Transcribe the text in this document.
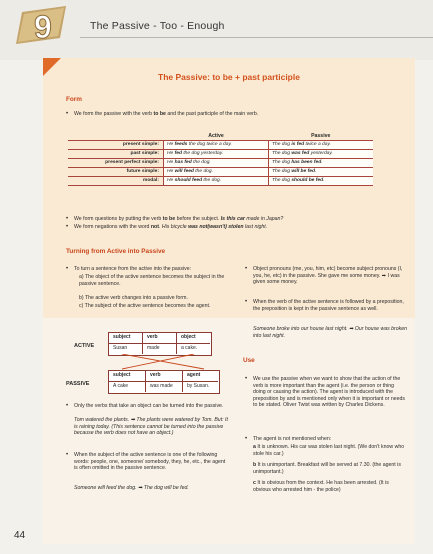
9	The Passive - Too - Enough
The Passive: to be + past participle
Form
• We form the passive with the verb to be and the past participle of the main verb.
	Active	Passive
present simple:	He feeds the dog twice a day.	The dog is fed twice a day.
past simple:	He fed the dog yesterday.	The dog was fed yesterday.
present perfect simple:	He has fed the dog.	The dog has been fed.
future simple:	He will feed the dog.	The dog will be fed.
modal:	He should feed the dog.	The dog should be fed.
• We form questions by putting the verb to be before the subject. Is this car made in Japan?
• We form negations with the word not. His bicycle was not(wasn't) stolen last night.
Turning from Active into Passive
• To turn a sentence from the active into the passive:
a) The object of the active sentence becomes the subject in the passive sentence.
b) The active verb changes into a passive form.
c) The subject of the active sentence becomes the agent.
ACTIVE
subject	verb	object
Susan	made	a cake.
PASSIVE
subject	verb	agent
A cake	was made	by Susan.
• Only the verbs that take an object can be turned into the passive.
Tom watered the plants. ➡ The plants were watered by Tom. But: It is raining today. (This sentence cannot be turned into the passive because the verb does not have an object.)
• When the subject of the active sentence is one of the following words: people, one, someone/ somebody, they, he, etc., the agent is often omitted in the passive sentence.
Someone will feed the dog. ➡ The dog will be fed.
• Object pronouns (me, you, him, etc) become subject pronouns (I, you, he, etc) in the passive. She gave me some money. ➡ I was given some money.
• When the verb of the active sentence is followed by a preposition, the preposition is kept in the passive sentence as well.
Someone broke into our house last night. ➡ Our house was broken into last night.
Use
• We use the passive when we want to show that the action of the verb is more important than the agent (i.e. the person or thing doing or causing the action). The agent is introduced with the preposition by and is mentioned only when it is important or needs to be stated. Oliver Twist was written by Charles Dickens.
• The agent is not mentioned when:
a It is unknown. His car was stolen last night. (We don't know who stole his car.)
b It is unimportant. Breakfast will be served at 7.30. (the agent is unimportant.)
c It is obvious from the context. He has been arrested. (It is obvious who arrested him - the police)
44
